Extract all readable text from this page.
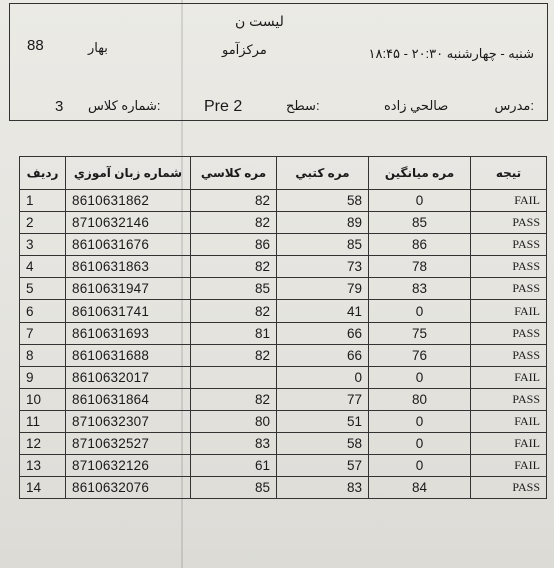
لیست ن
مرکزآمو	شنبه - چهارشنبه ۲۰:۳۰ - ۱۸:۴۵
بهار
88
مدرس:
صالحي زاده
سطح:
Pre 2
شماره كلاس:
3
رديف	شماره زبان آموزي	مره كلاسي	مره كتبي	مره ميانگين	تيجه
1	8610631862	82	58	0	FAIL
2	8710632146	82	89	85	PASS
3	8610631676	86	85	86	PASS
4	8610631863	82	73	78	PASS
5	8610631947	85	79	83	PASS
6	8610631741	82	41	0	FAIL
7	8610631693	81	66	75	PASS
8	8610631688	82	66	76	PASS
9	8610632017		0	0	FAIL
10	8610631864	82	77	80	PASS
11	8710632307	80	51	0	FAIL
12	8710632527	83	58	0	FAIL
13	8710632126	61	57	0	FAIL
14	8610632076	85	83	84	PASS
